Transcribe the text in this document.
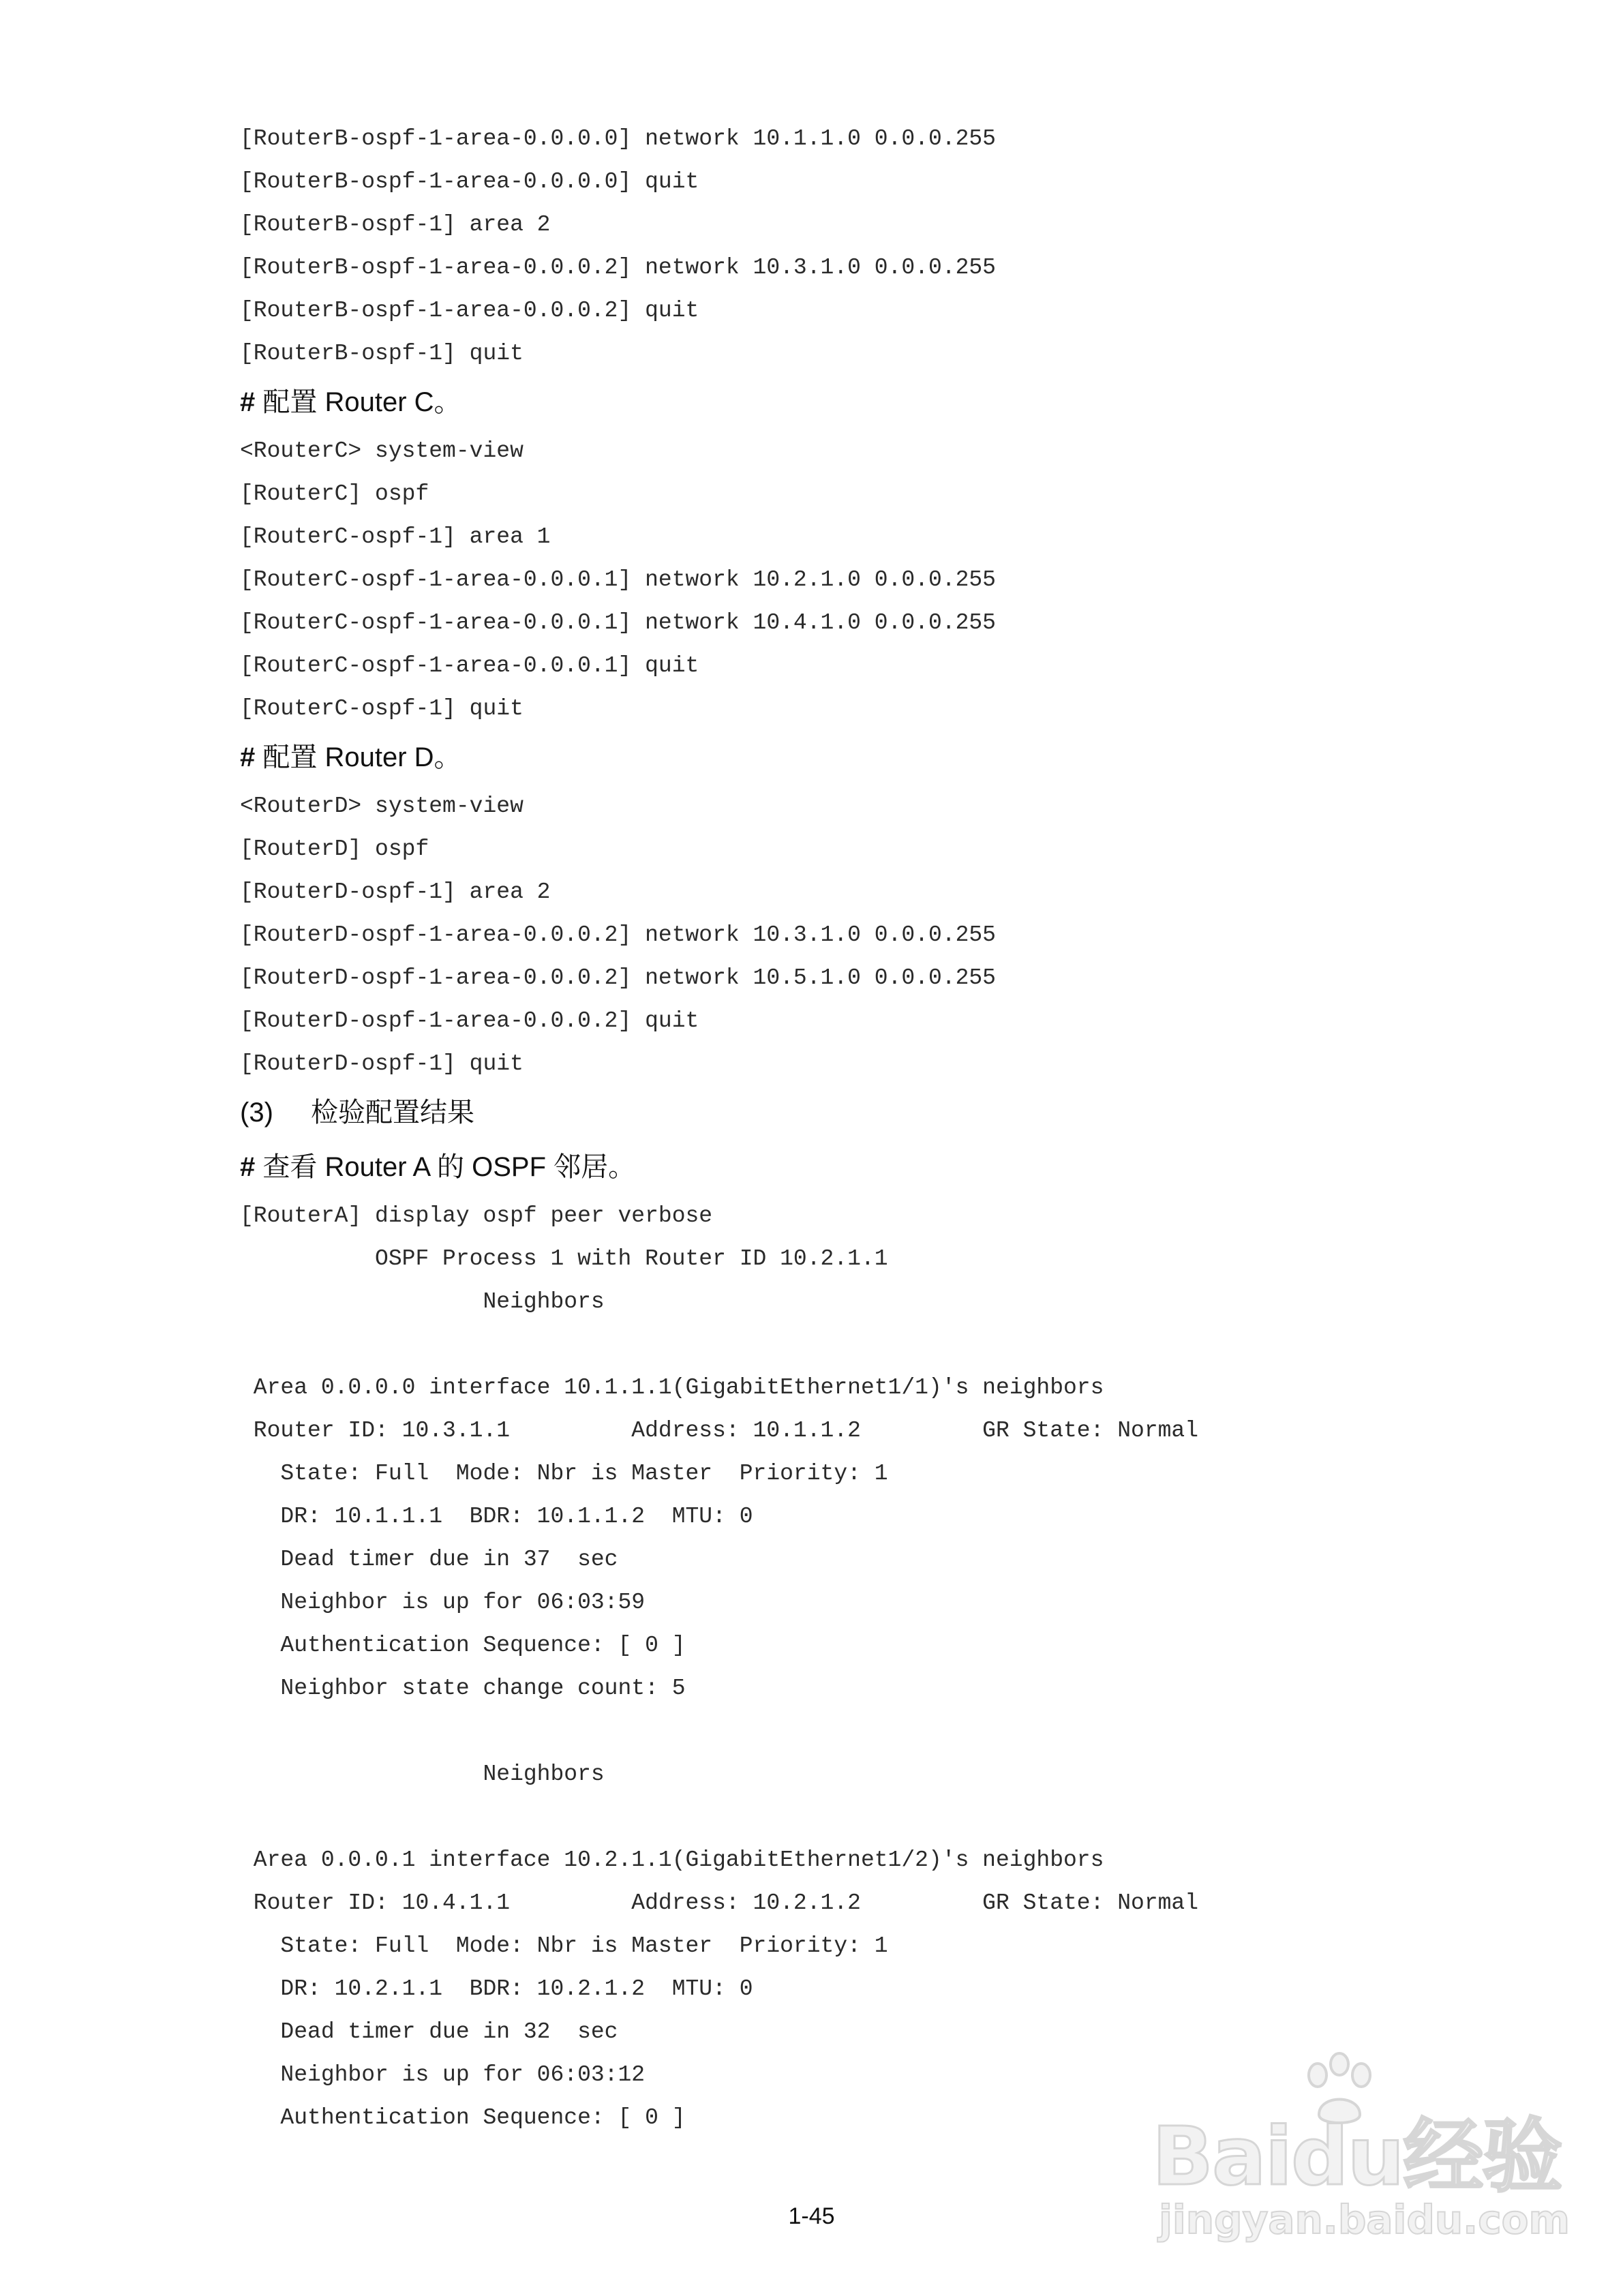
[RouterB-ospf-1-area-0.0.0.0] network 10.1.1.0 0.0.0.255
[RouterB-ospf-1-area-0.0.0.0] quit
[RouterB-ospf-1] area 2
[RouterB-ospf-1-area-0.0.0.2] network 10.3.1.0 0.0.0.255
[RouterB-ospf-1-area-0.0.0.2] quit
[RouterB-ospf-1] quit
# 配置 Router C。
<RouterC> system-view
[RouterC] ospf
[RouterC-ospf-1] area 1
[RouterC-ospf-1-area-0.0.0.1] network 10.2.1.0 0.0.0.255
[RouterC-ospf-1-area-0.0.0.1] network 10.4.1.0 0.0.0.255
[RouterC-ospf-1-area-0.0.0.1] quit
[RouterC-ospf-1] quit
# 配置 Router D。
<RouterD> system-view
[RouterD] ospf
[RouterD-ospf-1] area 2
[RouterD-ospf-1-area-0.0.0.2] network 10.3.1.0 0.0.0.255
[RouterD-ospf-1-area-0.0.0.2] network 10.5.1.0 0.0.0.255
[RouterD-ospf-1-area-0.0.0.2] quit
[RouterD-ospf-1] quit
(3) 检验配置结果
# 查看 Router A 的 OSPF 邻居。
[RouterA] display ospf peer verbose
OSPF Process 1 with Router ID 10.2.1.1
Neighbors
Area 0.0.0.0 interface 10.1.1.1(GigabitEthernet1/1)'s neighbors
Router ID: 10.3.1.1         Address: 10.1.1.2         GR State: Normal
State: Full  Mode: Nbr is Master  Priority: 1
DR: 10.1.1.1  BDR: 10.1.1.2  MTU: 0
Dead timer due in 37  sec
Neighbor is up for 06:03:59
Authentication Sequence: [ 0 ]
Neighbor state change count: 5
Neighbors
Area 0.0.0.1 interface 10.2.1.1(GigabitEthernet1/2)'s neighbors
Router ID: 10.4.1.1         Address: 10.2.1.2         GR State: Normal
State: Full  Mode: Nbr is Master  Priority: 1
DR: 10.2.1.1  BDR: 10.2.1.2  MTU: 0
Dead timer due in 32  sec
Neighbor is up for 06:03:12
Authentication Sequence: [ 0 ]
1-45
Baidu经验
jingyan.baidu.com
